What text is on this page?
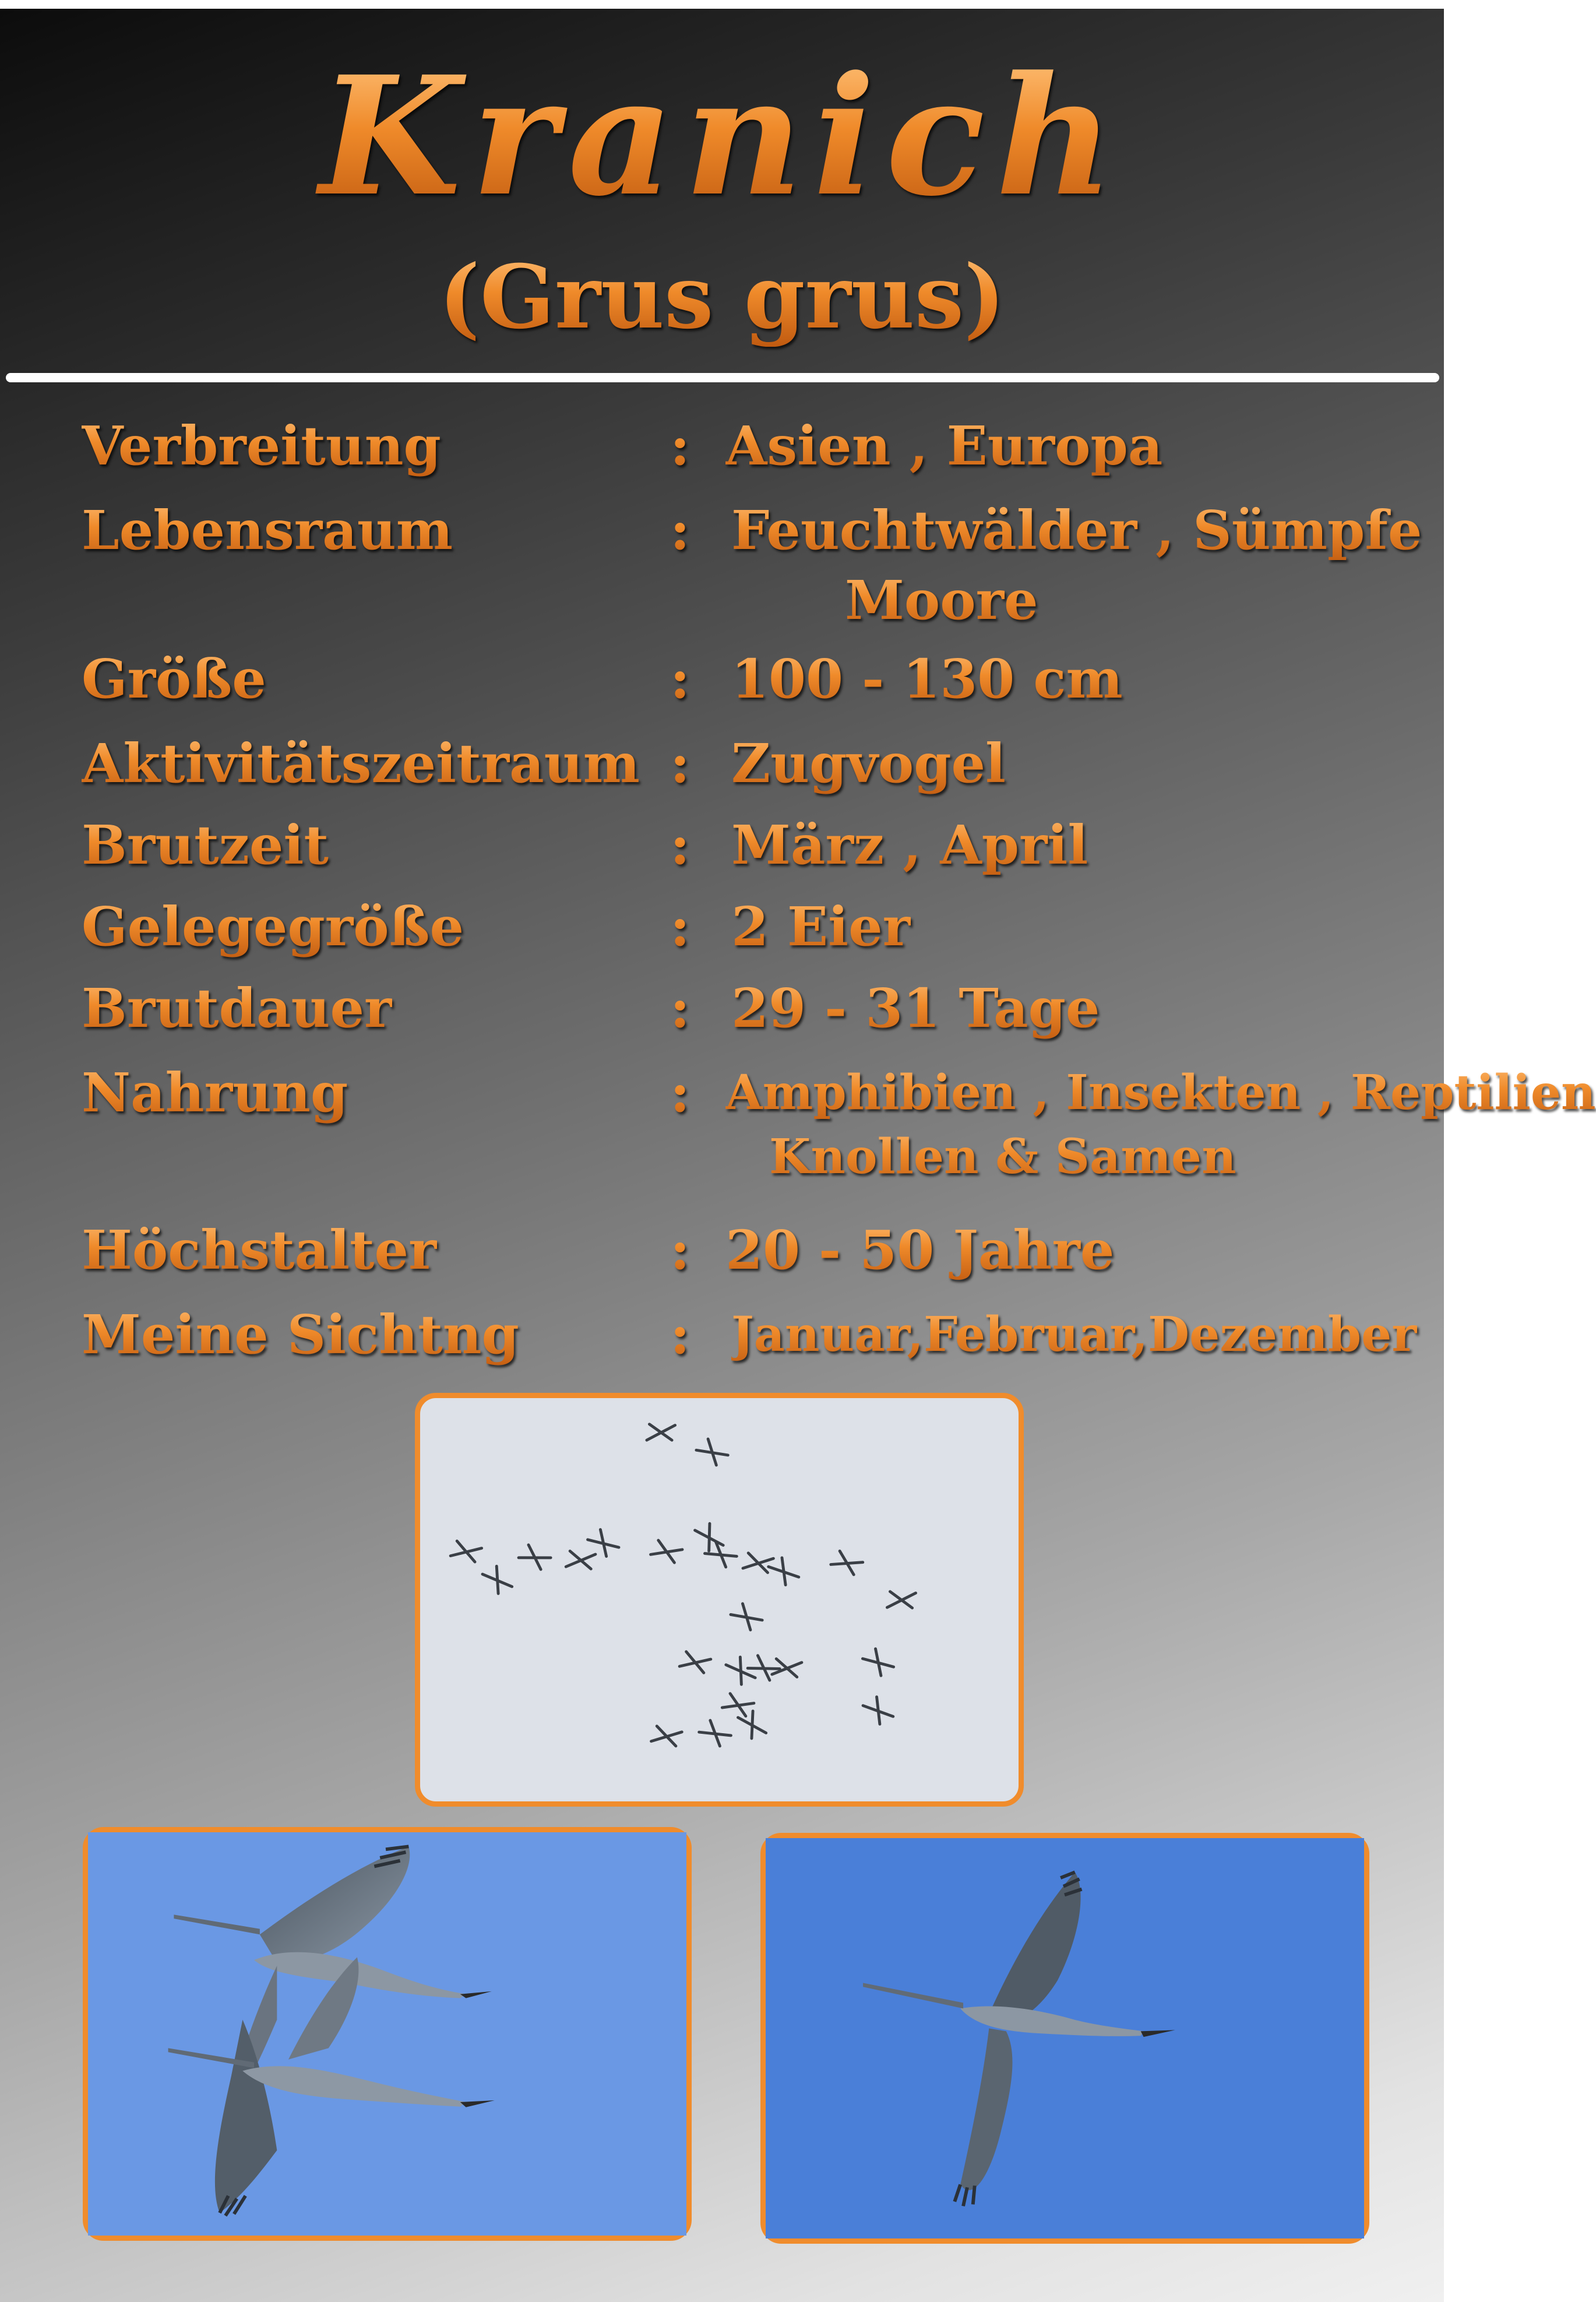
Kranich
(Grus grus)
Verbreitung	: Asien , Europa
Lebensraum	: Feuchtwälder , Sümpfe
Moore
Größe	: 100 - 130 cm
Aktivitätszeitraum : Zugvogel
Brutzeit	: März , April
Gelegegröße	: 2 Eier
Brutdauer	: 29 - 31 Tage
Nahrung	: Amphibien , Insekten , Reptilien
Knollen & Samen
Höchstalter	: 20 - 50 Jahre
Meine Sichtng	: Januar,Februar,Dezember
